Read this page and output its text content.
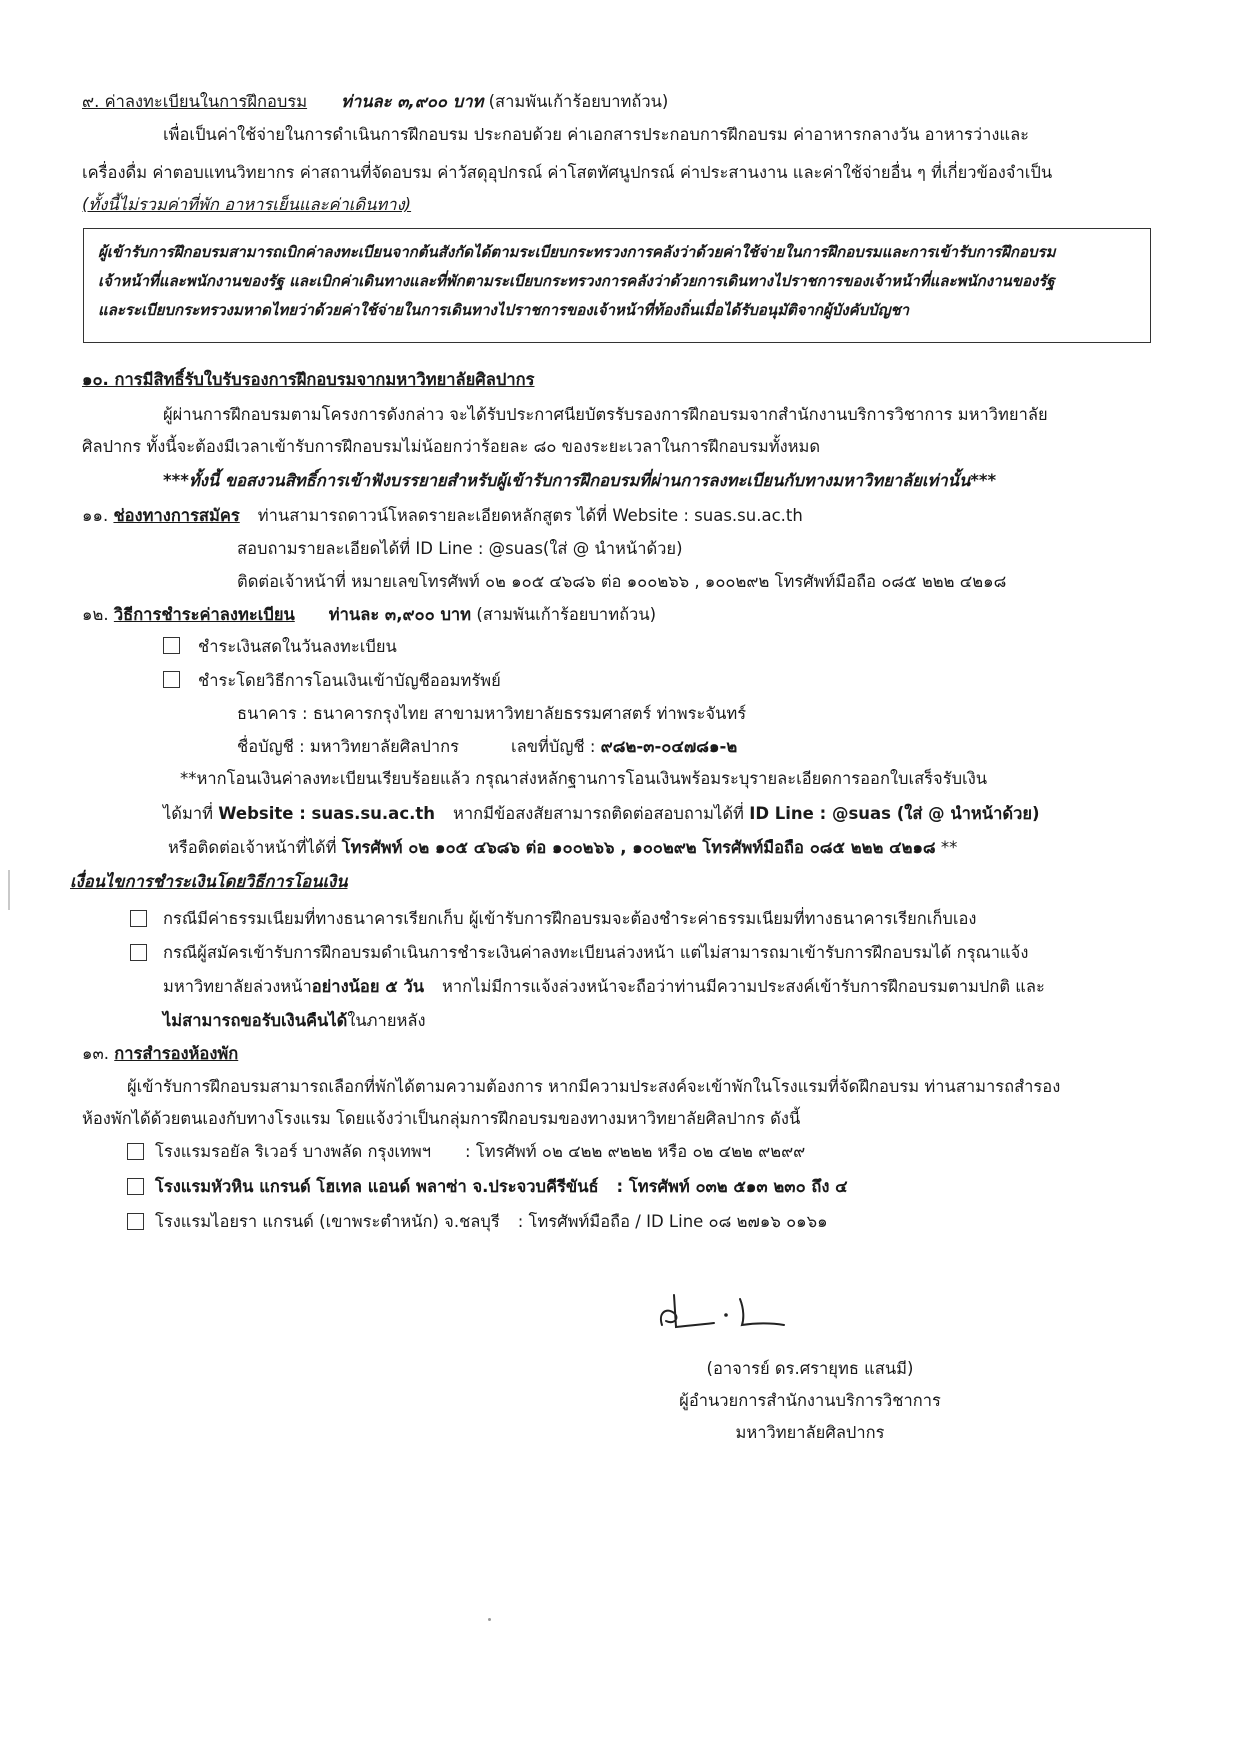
๙. ค่าลงทะเบียนในการฝึกอบรม ท่านละ ๓,๙๐๐ บาท (สามพันเก้าร้อยบาทถ้วน)
เพื่อเป็นค่าใช้จ่ายในการดำเนินการฝึกอบรม ประกอบด้วย ค่าเอกสารประกอบการฝึกอบรม ค่าอาหารกลางวัน อาหารว่างและ
เครื่องดื่ม ค่าตอบแทนวิทยากร ค่าสถานที่จัดอบรม ค่าวัสดุอุปกรณ์ ค่าโสตทัศนูปกรณ์ ค่าประสานงาน และค่าใช้จ่ายอื่น ๆ ที่เกี่ยวข้องจำเป็น
(ทั้งนี้ไม่รวมค่าที่พัก อาหารเย็นและค่าเดินทาง)
ผู้เข้ารับการฝึกอบรมสามารถเบิกค่าลงทะเบียนจากต้นสังกัดได้ตามระเบียบกระทรวงการคลังว่าด้วยค่าใช้จ่ายในการฝึกอบรมและการเข้ารับการฝึกอบรม
เจ้าหน้าที่และพนักงานของรัฐ และเบิกค่าเดินทางและที่พักตามระเบียบกระทรวงการคลังว่าด้วยการเดินทางไปราชการของเจ้าหน้าที่และพนักงานของรัฐ
และระเบียบกระทรวงมหาดไทยว่าด้วยค่าใช้จ่ายในการเดินทางไปราชการของเจ้าหน้าที่ท้องถิ่นเมื่อได้รับอนุมัติจากผู้บังคับบัญชา
๑๐. การมีสิทธิ์รับใบรับรองการฝึกอบรมจากมหาวิทยาลัยศิลปากร
ผู้ผ่านการฝึกอบรมตามโครงการดังกล่าว จะได้รับประกาศนียบัตรรับรองการฝึกอบรมจากสำนักงานบริการวิชาการ มหาวิทยาลัย
ศิลปากร ทั้งนี้จะต้องมีเวลาเข้ารับการฝึกอบรมไม่น้อยกว่าร้อยละ ๘๐ ของระยะเวลาในการฝึกอบรมทั้งหมด
***ทั้งนี้ ขอสงวนสิทธิ์การเข้าฟังบรรยายสำหรับผู้เข้ารับการฝึกอบรมที่ผ่านการลงทะเบียนกับทางมหาวิทยาลัยเท่านั้น***
๑๑. ช่องทางการสมัคร ท่านสามารถดาวน์โหลดรายละเอียดหลักสูตร ได้ที่ Website : suas.su.ac.th
สอบถามรายละเอียดได้ที่ ID Line : @suas(ใส่ @ นำหน้าด้วย)
ติดต่อเจ้าหน้าที่ หมายเลขโทรศัพท์ ๐๒ ๑๐๕ ๔๖๘๖ ต่อ ๑๐๐๒๖๖ , ๑๐๐๒๙๒ โทรศัพท์มือถือ ๐๘๕ ๒๒๒ ๔๒๑๘
๑๒. วิธีการชำระค่าลงทะเบียน ท่านละ ๓,๙๐๐ บาท (สามพันเก้าร้อยบาทถ้วน)
ชำระเงินสดในวันลงทะเบียน
ชำระโดยวิธีการโอนเงินเข้าบัญชีออมทรัพย์
ธนาคาร : ธนาคารกรุงไทย สาขามหาวิทยาลัยธรรมศาสตร์ ท่าพระจันทร์
ชื่อบัญชี : มหาวิทยาลัยศิลปากร	เลขที่บัญชี : ๙๘๒-๓-๐๔๗๘๑-๒
**หากโอนเงินค่าลงทะเบียนเรียบร้อยแล้ว กรุณาส่งหลักฐานการโอนเงินพร้อมระบุรายละเอียดการออกใบเสร็จรับเงิน
ได้มาที่ Website : suas.su.ac.th หากมีข้อสงสัยสามารถติดต่อสอบถามได้ที่ ID Line : @suas (ใส่ @ นำหน้าด้วย)
หรือติดต่อเจ้าหน้าที่ได้ที่ โทรศัพท์ ๐๒ ๑๐๕ ๔๖๘๖ ต่อ ๑๐๐๒๖๖ , ๑๐๐๒๙๒ โทรศัพท์มือถือ ๐๘๕ ๒๒๒ ๔๒๑๘ **
เงื่อนไขการชำระเงินโดยวิธีการโอนเงิน
กรณีมีค่าธรรมเนียมที่ทางธนาคารเรียกเก็บ ผู้เข้ารับการฝึกอบรมจะต้องชำระค่าธรรมเนียมที่ทางธนาคารเรียกเก็บเอง
กรณีผู้สมัครเข้ารับการฝึกอบรมดำเนินการชำระเงินค่าลงทะเบียนล่วงหน้า แต่ไม่สามารถมาเข้ารับการฝึกอบรมได้ กรุณาแจ้ง
มหาวิทยาลัยล่วงหน้าอย่างน้อย ๕ วัน หากไม่มีการแจ้งล่วงหน้าจะถือว่าท่านมีความประสงค์เข้ารับการฝึกอบรมตามปกติ และ
ไม่สามารถขอรับเงินคืนได้ในภายหลัง
๑๓. การสำรองห้องพัก
ผู้เข้ารับการฝึกอบรมสามารถเลือกที่พักได้ตามความต้องการ หากมีความประสงค์จะเข้าพักในโรงแรมที่จัดฝึกอบรม ท่านสามารถสำรอง
ห้องพักได้ด้วยตนเองกับทางโรงแรม โดยแจ้งว่าเป็นกลุ่มการฝึกอบรมของทางมหาวิทยาลัยศิลปากร ดังนี้
โรงแรมรอยัล ริเวอร์ บางพลัด กรุงเทพฯ : โทรศัพท์ ๐๒ ๔๒๒ ๙๒๒๒ หรือ ๐๒ ๔๒๒ ๙๒๙๙
โรงแรมหัวหิน แกรนด์ โฮเทล แอนด์ พลาซ่า จ.ประจวบคีรีขันธ์ : โทรศัพท์ ๐๓๒ ๕๑๓ ๒๓๐ ถึง ๔
โรงแรมไอยรา แกรนด์ (เขาพระตำหนัก) จ.ชลบุรี : โทรศัพท์มือถือ / ID Line ๐๘ ๒๗๑๖ ๐๑๖๑
(อาจารย์ ดร.ศรายุทธ แสนมี)
ผู้อำนวยการสำนักงานบริการวิชาการ
มหาวิทยาลัยศิลปากร
